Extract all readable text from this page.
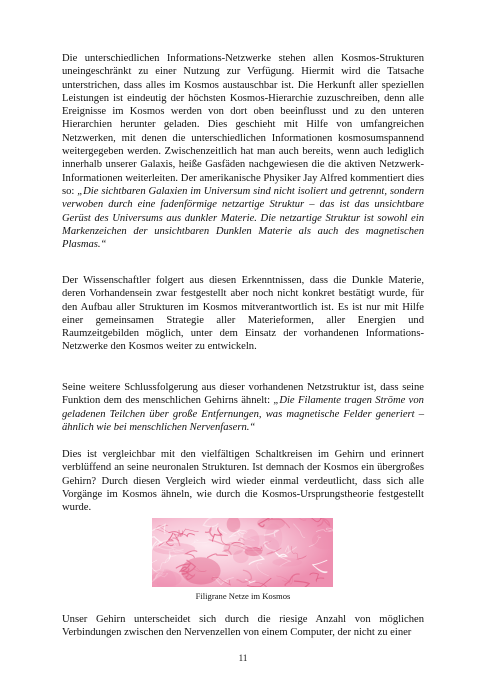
Die unterschiedlichen Informations-Netzwerke stehen allen Kosmos-Strukturen uneingeschränkt zu einer Nutzung zur Verfügung. Hiermit wird die Tatsache unterstrichen, dass alles im Kosmos austauschbar ist. Die Herkunft aller speziellen Leistungen ist eindeutig der höchsten Kosmos-Hierarchie zuzuschreiben, denn alle Ereignisse im Kosmos werden von dort oben beeinflusst und zu den unteren Hierarchien herunter geladen. Dies geschieht mit Hilfe von umfangreichen Netzwerken, mit denen die unterschiedlichen Informationen kosmosumspannend weitergegeben werden. Zwischenzeitlich hat man auch bereits, wenn auch lediglich innerhalb unserer Galaxis, heiße Gasfäden nachgewiesen die die aktiven Netzwerk-Informationen weiterleiten. Der amerikanische Physiker Jay Alfred kommentiert dies so: „Die sichtbaren Galaxien im Universum sind nicht isoliert und getrennt, sondern verwoben durch eine fadenförmige netzartige Struktur – das ist das unsichtbare Gerüst des Universums aus dunkler Materie. Die netzartige Struktur ist sowohl ein Markenzeichen der unsichtbaren Dunklen Materie als auch des magnetischen Plasmas.“

Der Wissenschaftler folgert aus diesen Erkenntnissen, dass die Dunkle Materie, deren Vorhandensein zwar festgestellt aber noch nicht konkret bestätigt wurde, für den Aufbau aller Strukturen im Kosmos mitverantwortlich ist. Es ist nur mit Hilfe einer gemeinsamen Strategie aller Materieformen, aller Energien und Raumzeitgebilden möglich, unter dem Einsatz der vorhandenen Informations-Netzwerke den Kosmos weiter zu entwickeln.

Seine weitere Schlussfolgerung aus dieser vorhandenen Netzstruktur ist, dass seine Funktion dem des menschlichen Gehirns ähnelt: „Die Filamente tragen Ströme von geladenen Teilchen über große Entfernungen, was magnetische Felder generiert – ähnlich wie bei menschlichen Nervenfasern.“

Dies ist vergleichbar mit den vielfältigen Schaltkreisen im Gehirn und erinnert verblüffend an seine neuronalen Strukturen. Ist demnach der Kosmos ein übergroßes Gehirn? Durch diesen Vergleich wird wieder einmal verdeutlicht, dass sich alle Vorgänge im Kosmos ähneln, wie durch die Kosmos-Ursprungstheorie festgestellt wurde.

Filigrane Netze im Kosmos

Unser Gehirn unterscheidet sich durch die riesige Anzahl von möglichen Verbindungen zwischen den Nervenzellen von einem Computer, der nicht zu einer

11
